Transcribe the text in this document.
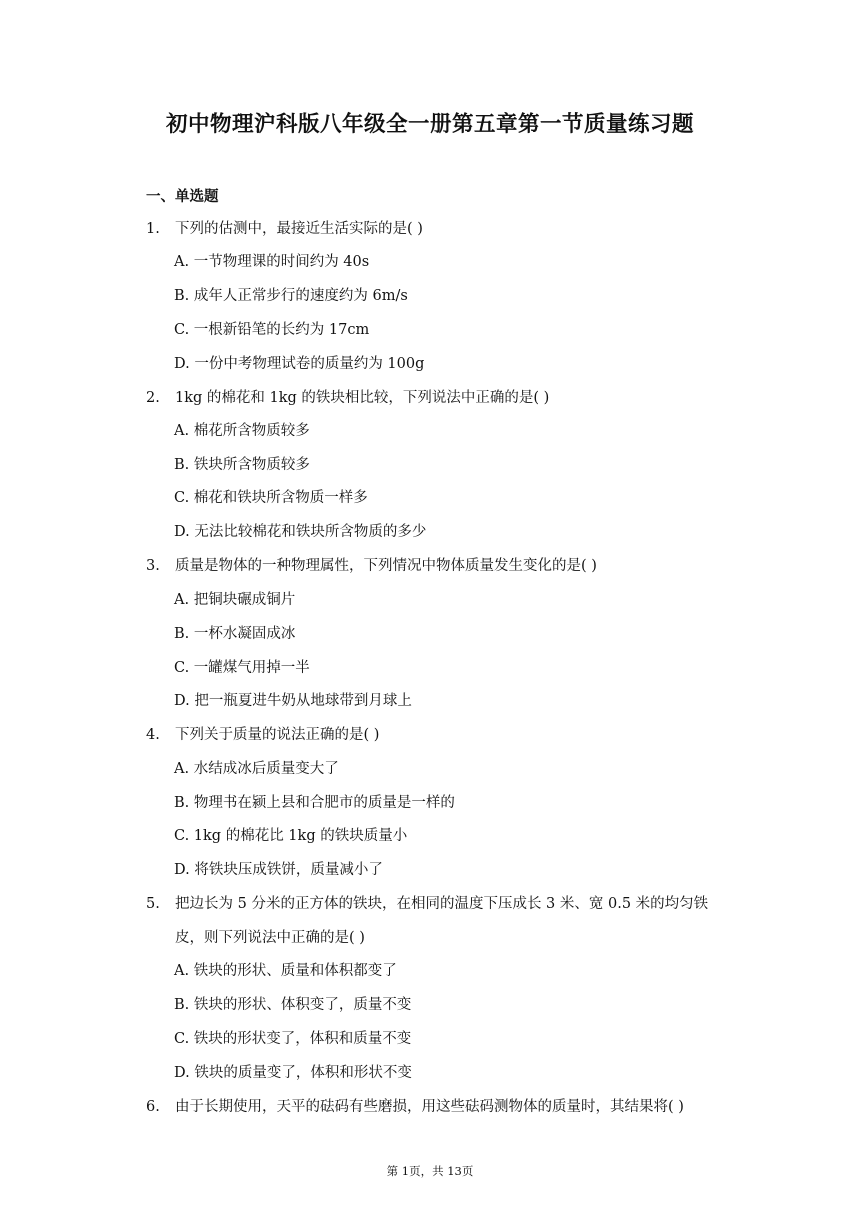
初中物理沪科版八年级全一册第五章第一节质量练习题
一、单选题
1. 下列的估测中，最接近生活实际的是( )
A. 一节物理课的时间约为 40s
B. 成年人正常步行的速度约为 6m/s
C. 一根新铅笔的长约为 17cm
D. 一份中考物理试卷的质量约为 100g
2. 1kg 的棉花和 1kg 的铁块相比较，下列说法中正确的是( )
A. 棉花所含物质较多
B. 铁块所含物质较多
C. 棉花和铁块所含物质一样多
D. 无法比较棉花和铁块所含物质的多少
3. 质量是物体的一种物理属性，下列情况中物体质量发生变化的是( )
A. 把铜块碾成铜片
B. 一杯水凝固成冰
C. 一罐煤气用掉一半
D. 把一瓶夏进牛奶从地球带到月球上
4. 下列关于质量的说法正确的是( )
A. 水结成冰后质量变大了
B. 物理书在颍上县和合肥市的质量是一样的
C. 1kg 的棉花比 1kg 的铁块质量小
D. 将铁块压成铁饼，质量减小了
5. 把边长为 5 分米的正方体的铁块，在相同的温度下压成长 3 米、宽 0.5 米的均匀铁
皮，则下列说法中正确的是( )
A. 铁块的形状、质量和体积都变了
B. 铁块的形状、体积变了，质量不变
C. 铁块的形状变了，体积和质量不变
D. 铁块的质量变了，体积和形状不变
6. 由于长期使用，天平的砝码有些磨损，用这些砝码测物体的质量时，其结果将( )
第 1页，共 13页
